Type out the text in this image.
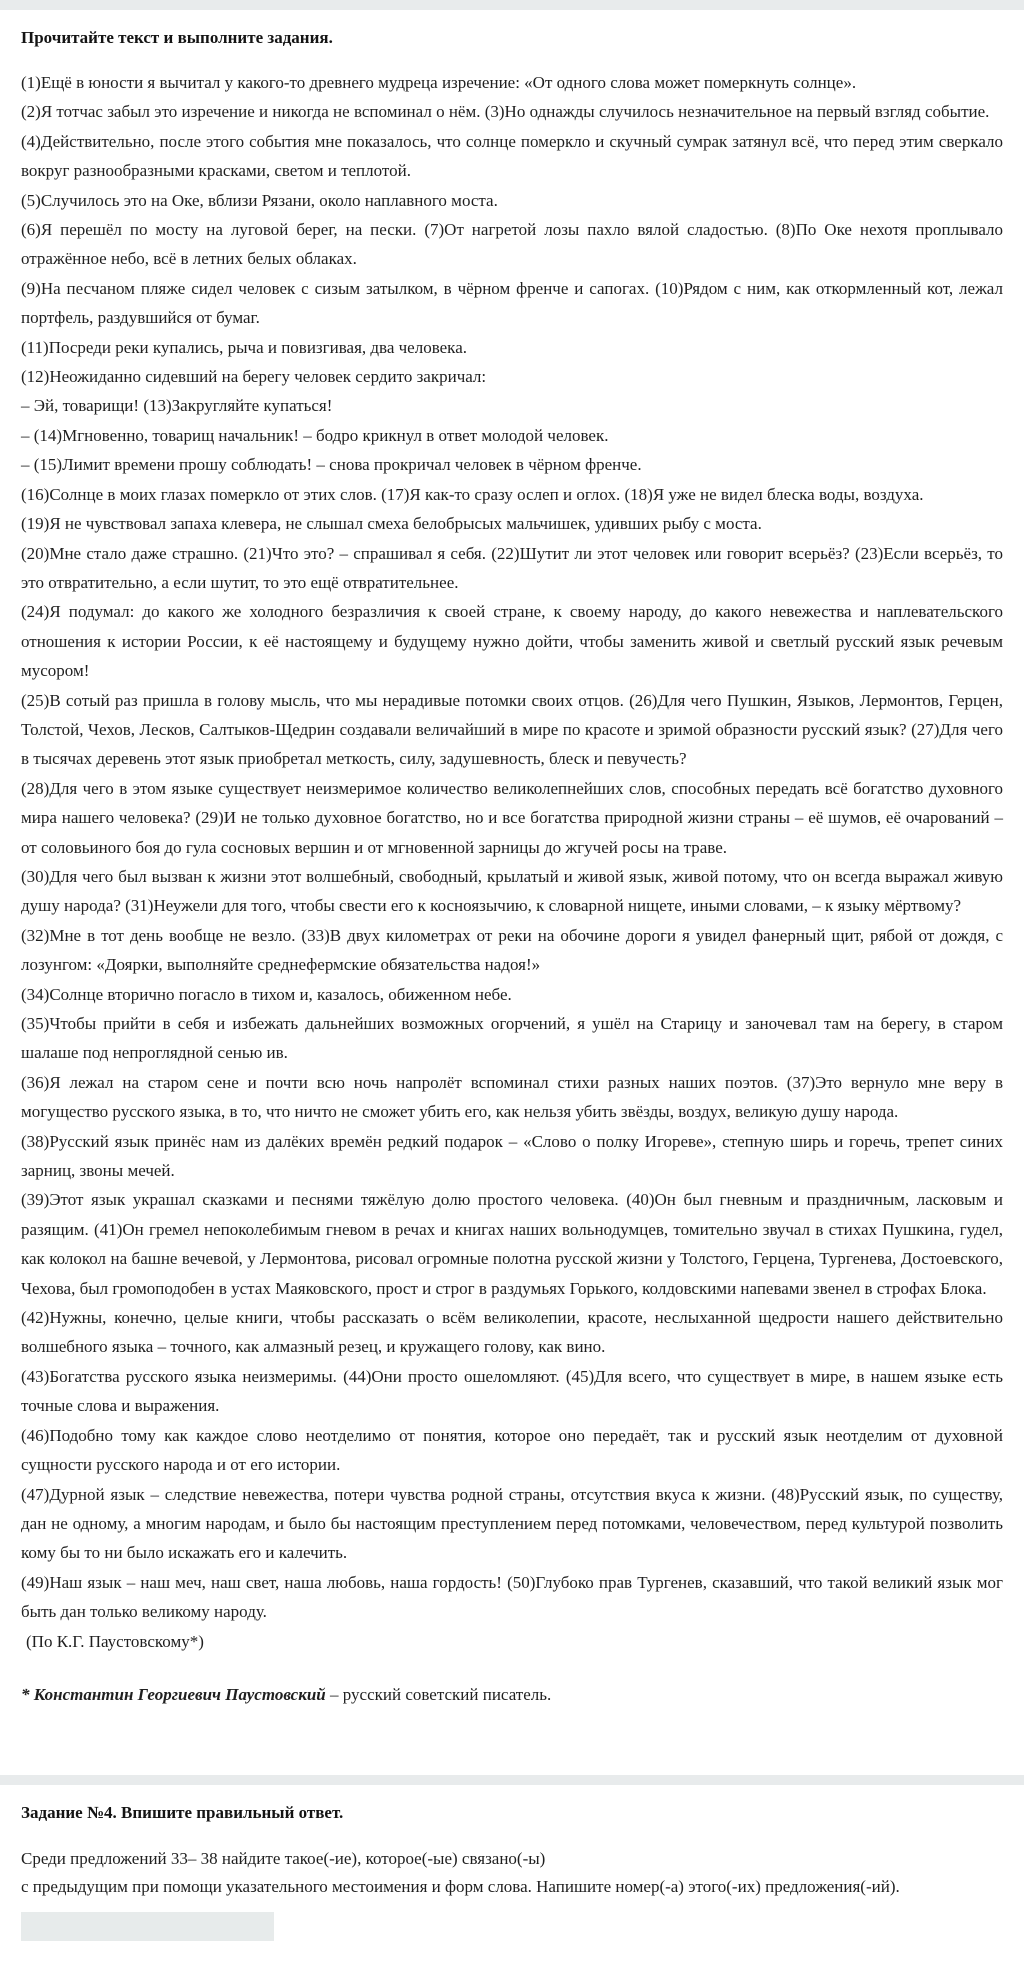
Прочитайте текст и выполните задания.

(1)Ещё в юности я вычитал у какого-то древнего мудреца изречение: «От одного слова может померкнуть солнце».

(2)Я тотчас забыл это изречение и никогда не вспоминал о нём. (3)Но однажды случилось незначительное на первый взгляд событие.

(4)Действительно, после этого события мне показалось, что солнце померкло и скучный сумрак затянул всё, что перед этим сверкало вокруг разнообразными красками, светом и теплотой.

(5)Случилось это на Оке, вблизи Рязани, около наплавного моста.

(6)Я перешёл по мосту на луговой берег, на пески. (7)От нагретой лозы пахло вялой сладостью. (8)По Оке нехотя проплывало отражённое небо, всё в летних белых облаках.

(9)На песчаном пляже сидел человек с сизым затылком, в чёрном френче и сапогах. (10)Рядом с ним, как откормленный кот, лежал портфель, раздувшийся от бумаг.

(11)Посреди реки купались, рыча и повизгивая, два человека.

(12)Неожиданно сидевший на берегу человек сердито закричал:

– Эй, товарищи! (13)Закругляйте купаться!

– (14)Мгновенно, товарищ начальник! – бодро крикнул в ответ молодой человек.

– (15)Лимит времени прошу соблюдать! – снова прокричал человек в чёрном френче.

(16)Солнце в моих глазах померкло от этих слов. (17)Я как-то сразу ослеп и оглох. (18)Я уже не видел блеска воды, воздуха.

(19)Я не чувствовал запаха клевера, не слышал смеха белобрысых мальчишек, удивших рыбу с моста.

(20)Мне стало даже страшно. (21)Что это? – спрашивал я себя. (22)Шутит ли этот человек или говорит всерьёз? (23)Если всерьёз, то это отвратительно, а если шутит, то это ещё отвратительнее.

(24)Я подумал: до какого же холодного безразличия к своей стране, к своему народу, до какого невежества и наплевательского отношения к истории России, к её настоящему и будущему нужно дойти, чтобы заменить живой и светлый русский язык речевым мусором!

(25)В сотый раз пришла в голову мысль, что мы нерадивые потомки своих отцов. (26)Для чего Пушкин, Языков, Лермонтов, Герцен, Толстой, Чехов, Лесков, Салтыков-Щедрин создавали величайший в мире по красоте и зримой образности русский язык? (27)Для чего в тысячах деревень этот язык приобретал меткость, силу, задушевность, блеск и певучесть?

(28)Для чего в этом языке существует неизмеримое количество великолепнейших слов, способных передать всё богатство духовного мира нашего человека? (29)И не только духовное богатство, но и все богатства природной жизни страны – её шумов, её очарований – от соловьиного боя до гула сосновых вершин и от мгновенной зарницы до жгучей росы на траве.

(30)Для чего был вызван к жизни этот волшебный, свободный, крылатый и живой язык, живой потому, что он всегда выражал живую душу народа? (31)Неужели для того, чтобы свести его к косноязычию, к словарной нищете, иными словами, – к языку мёртвому?

(32)Мне в тот день вообще не везло. (33)В двух километрах от реки на обочине дороги я увидел фанерный щит, рябой от дождя, с лозунгом: «Доярки, выполняйте среднефермские обязательства надоя!»

(34)Солнце вторично погасло в тихом и, казалось, обиженном небе.

(35)Чтобы прийти в себя и избежать дальнейших возможных огорчений, я ушёл на Старицу и заночевал там на берегу, в старом шалаше под непроглядной сенью ив.

(36)Я лежал на старом сене и почти всю ночь напролёт вспоминал стихи разных наших поэтов. (37)Это вернуло мне веру в могущество русского языка, в то, что ничто не сможет убить его, как нельзя убить звёзды, воздух, великую душу народа.

(38)Русский язык принёс нам из далёких времён редкий подарок – «Слово о полку Игореве», степную ширь и горечь, трепет синих зарниц, звоны мечей.

(39)Этот язык украшал сказками и песнями тяжёлую долю простого человека. (40)Он был гневным и праздничным, ласковым и разящим. (41)Он гремел непоколебимым гневом в речах и книгах наших вольнодумцев, томительно звучал в стихах Пушкина, гудел, как колокол на башне вечевой, у Лермонтова, рисовал огромные полотна русской жизни у Толстого, Герцена, Тургенева, Достоевского, Чехова, был громоподобен в устах Маяковского, прост и строг в раздумьях Горького, колдовскими напевами звенел в строфах Блока.

(42)Нужны, конечно, целые книги, чтобы рассказать о всём великолепии, красоте, неслыханной щедрости нашего действительно волшебного языка – точного, как алмазный резец, и кружащего голову, как вино.

(43)Богатства русского языка неизмеримы. (44)Они просто ошеломляют. (45)Для всего, что существует в мире, в нашем языке есть точные слова и выражения.

(46)Подобно тому как каждое слово неотделимо от понятия, которое оно передаёт, так и русский язык неотделим от духовной сущности русского народа и от его истории.

(47)Дурной язык – следствие невежества, потери чувства родной страны, отсутствия вкуса к жизни. (48)Русский язык, по существу, дан не одному, а многим народам, и было бы настоящим преступлением перед потомками, человечеством, перед культурой позволить кому бы то ни было искажать его и калечить.

(49)Наш язык – наш меч, наш свет, наша любовь, наша гордость! (50)Глубоко прав Тургенев, сказавший, что такой великий язык мог быть дан только великому народу.

(По К.Г. Паустовскому*)

* Константин Георгиевич Паустовский – русский советский писатель.

Задание №4. Впишите правильный ответ.

Среди предложений 33– 38 найдите такое(-ие), которое(-ые) связано(-ы)
с предыдущим при помощи указательного местоимения и форм слова. Напишите номер(-а) этого(-их) предложения(-ий).
